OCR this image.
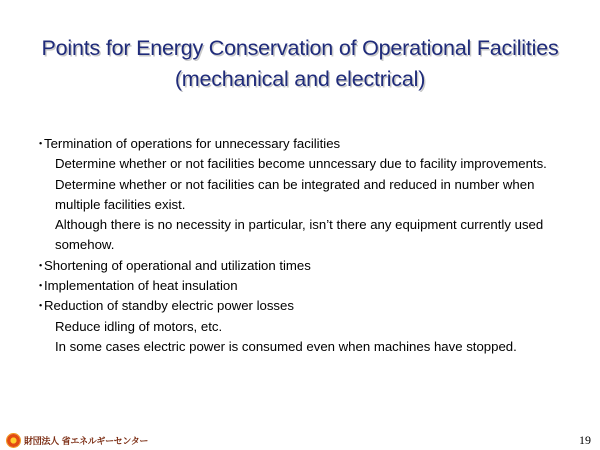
Points for Energy Conservation of Operational Facilities
(mechanical and electrical)
・
Termination of operations for unnecessary facilities
Determine whether or not facilities become unncessary due to facility improvements.
Determine whether or not facilities can be integrated and reduced in number when
multiple facilities exist.
Although there is no necessity in particular, isn’t there any equipment currently used
somehow.
・
Shortening of operational and utilization times
・
Implementation of heat insulation
・
Reduction of standby electric power losses
Reduce idling of motors, etc.
In some cases electric power is consumed even when machines have stopped.
財団法人 省エネルギーセンター	19
